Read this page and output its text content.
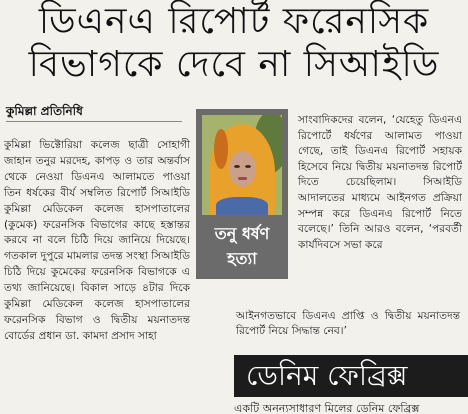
ডিএনএ রিপোর্ট ফরেনসিক
বিভাগকে দেবে না সিআইডি
কুমিল্লা প্রতিনিধি

কুমিল্লা ভিক্টোরিয়া কলেজ ছাত্রী সোহাগী জাহান তনুর মরদেহ, কাপড় ও তার অন্তর্বাস থেকে নেওয়া ডিএনএ আলামতে পাওয়া তিন ধর্ষকের বীর্য সম্বলিত রিপোর্ট সিআইডি কুমিল্লা মেডিকেল কলেজ হাসপাতালের (কুমেক) ফরেনসিক বিভাগের কাছে হস্তান্তর করবে না বলে চিঠি দিয়ে জানিয়ে দিয়েছে। গতকাল দুপুরে মামলার তদন্ত সংস্থা সিআইডি চিঠি দিয়ে কুমেকের ফরেনসিক বিভাগকে এ তথ্য জানিয়েছে। বিকাল সাড়ে ৪টার দিকে কুমিল্লা মেডিকেল কলেজ হাসপাতালের ফরেনসিক বিভাগ ও দ্বিতীয় ময়নাতদন্ত বোর্ডের প্রধান ডা. কামদা প্রসাদ সাহা

তনু ধর্ষণ
হত্যা

সাংবাদিকদের বলেন, ‘যেহেতু ডিএনএ রিপোর্টে ধর্ষণের আলামত পাওয়া গেছে, তাই ডিএনএ রিপোর্ট সহায়ক হিসেবে নিয়ে দ্বিতীয় ময়নাতদন্ত রিপোর্ট দিতে চেয়েছিলাম। সিআইডি আদালতের মাধ্যমে আইনগত প্রক্রিয়া সম্পন্ন করে ডিএনএ রিপোর্ট নিতে বলেছে।’ তিনি আরও বলেন, ‘পরবর্তী কার্যদিবসে সভা করে

আইনগতভাবে ডিএনএ প্রাপ্তি ও দ্বিতীয় ময়নাতদন্ত রিপোর্ট নিয়ে সিদ্ধান্ত নেব।’

ডেনিম ফেব্রিক্স
একটি অনন্যসাধারণ মিলের ডেনিম ফেব্রিক্স
